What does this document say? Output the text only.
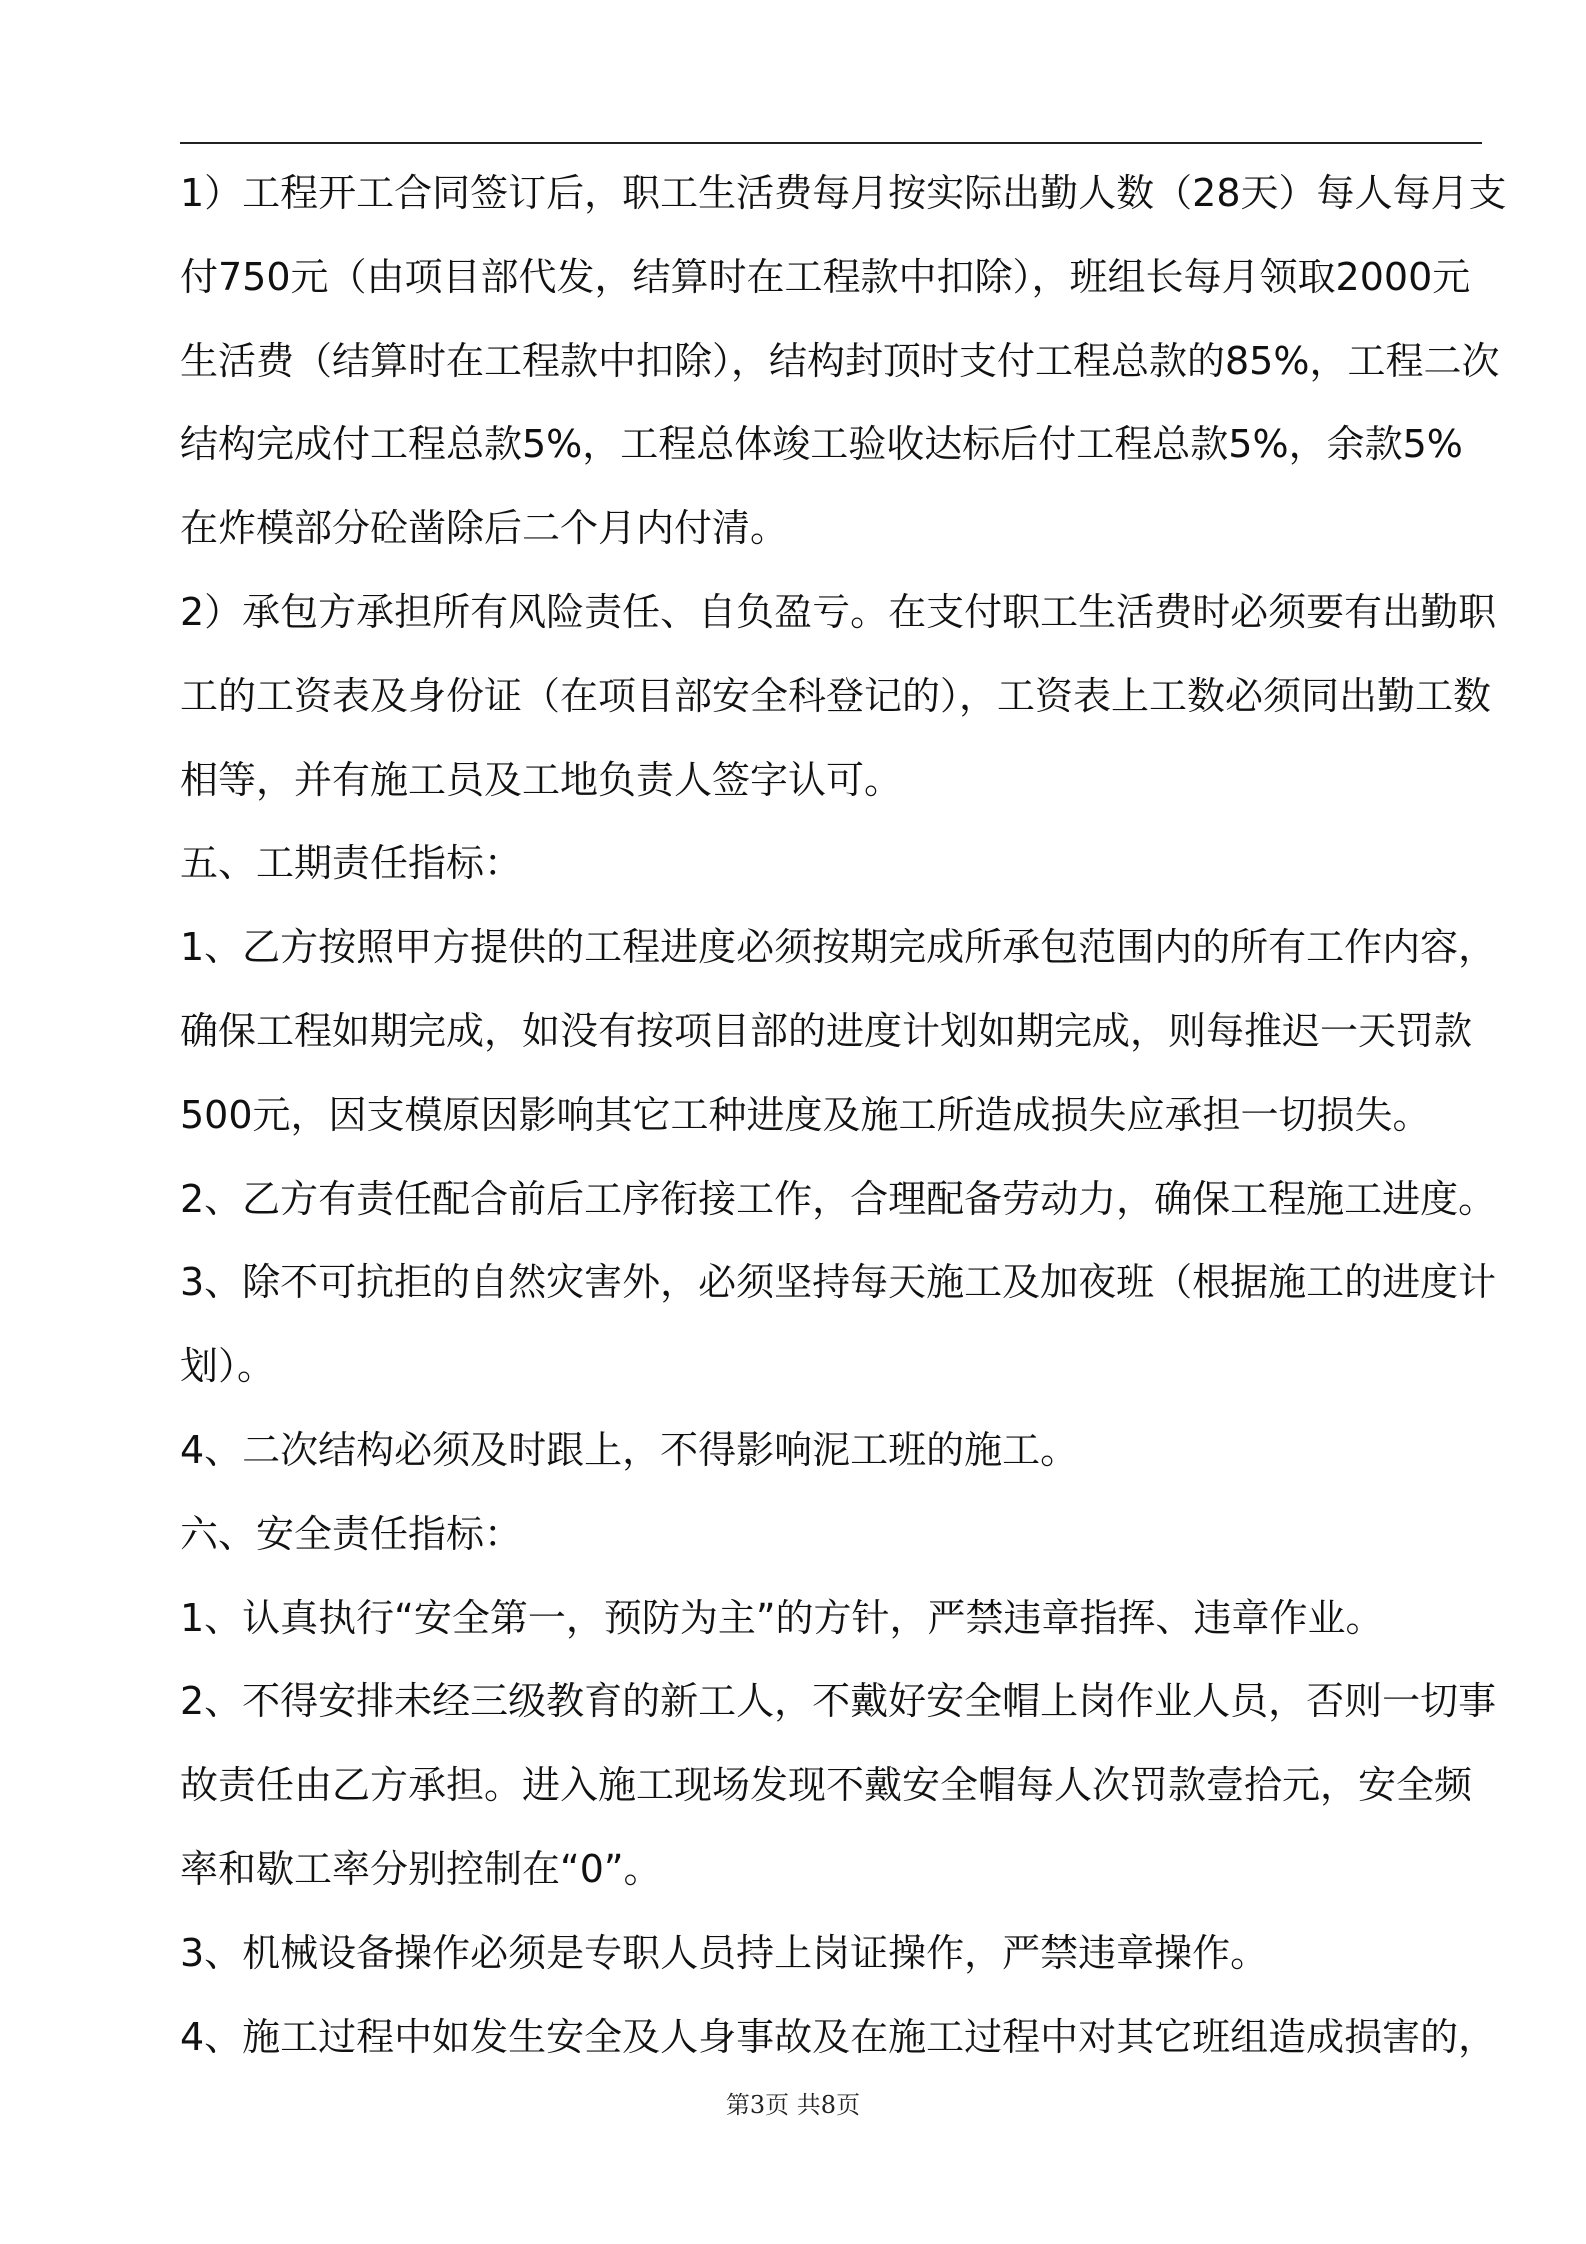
1）工程开工合同签订后，职工生活费每月按实际出勤人数（28天）每人每月支
付750元（由项目部代发，结算时在工程款中扣除），班组长每月领取2000元
生活费（结算时在工程款中扣除），结构封顶时支付工程总款的85%，工程二次
结构完成付工程总款5%，工程总体竣工验收达标后付工程总款5%，余款5%
在炸模部分砼凿除后二个月内付清。
2）承包方承担所有风险责任、自负盈亏。在支付职工生活费时必须要有出勤职
工的工资表及身份证（在项目部安全科登记的），工资表上工数必须同出勤工数
相等，并有施工员及工地负责人签字认可。
五、工期责任指标：
1、乙方按照甲方提供的工程进度必须按期完成所承包范围内的所有工作内容，
确保工程如期完成，如没有按项目部的进度计划如期完成，则每推迟一天罚款
500元，因支模原因影响其它工种进度及施工所造成损失应承担一切损失。
2、乙方有责任配合前后工序衔接工作，合理配备劳动力，确保工程施工进度。
3、除不可抗拒的自然灾害外，必须坚持每天施工及加夜班（根据施工的进度计
划）。
4、二次结构必须及时跟上，不得影响泥工班的施工。
六、安全责任指标：
1、认真执行“安全第一，预防为主”的方针，严禁违章指挥、违章作业。
2、不得安排未经三级教育的新工人，不戴好安全帽上岗作业人员，否则一切事
故责任由乙方承担。进入施工现场发现不戴安全帽每人次罚款壹拾元，安全频
率和歇工率分别控制在“0”。
3、机械设备操作必须是专职人员持上岗证操作，严禁违章操作。
4、施工过程中如发生安全及人身事故及在施工过程中对其它班组造成损害的，
第3页 共8页
